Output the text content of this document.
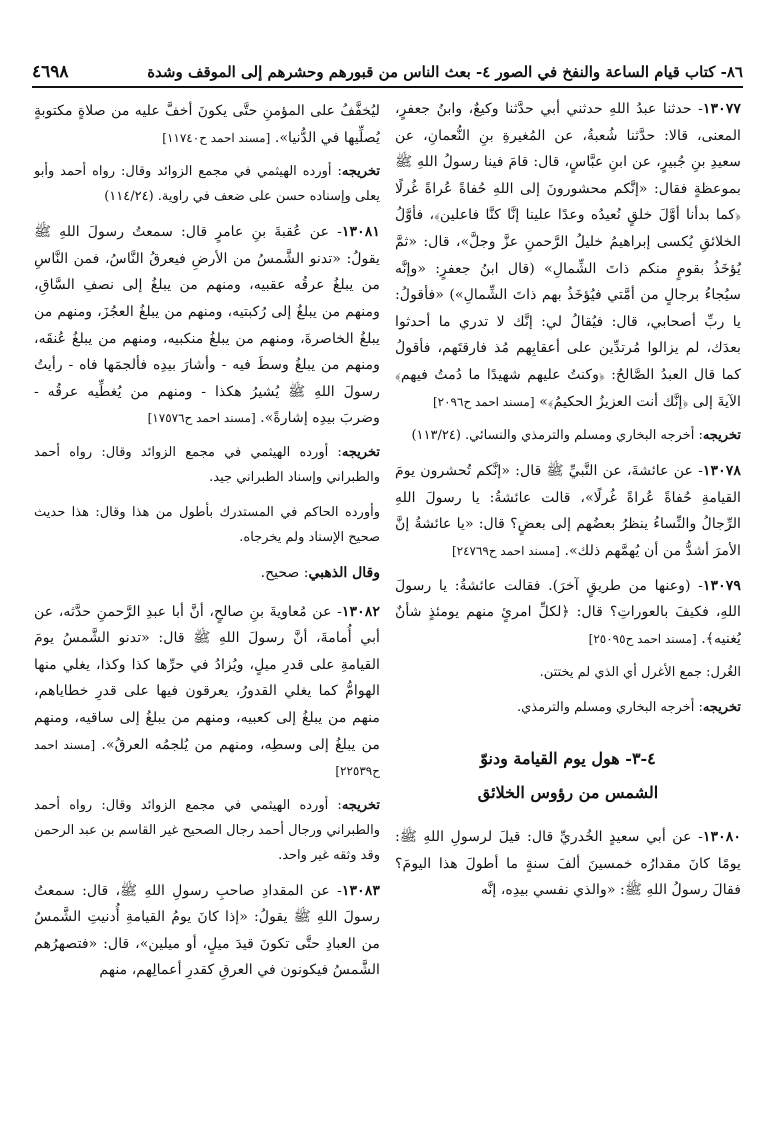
٨٦- كتاب قيام الساعة والنفخ في الصور ٤- بعث الناس من قبورهم وحشرهم إلى الموقف وشدة
٤٦٩٨

١٣٠٧٧- حدثنا عبدُ اللهِ حدثني أبي حدَّثنا وكيعٌ، وابنُ جعفرٍ، المعنى، قالا: حدَّثنا شُعبةُ، عن المُغيرةِ بنِ النُّعمانِ، عن سعيدِ بنِ جُبيرٍ، عن ابنِ عبَّاسٍ، قال: قامَ فينا رسولُ اللهِ ﷺ بموعظةٍ فقال: «إنَّكم محشورونَ إلى اللهِ حُفاةً عُراةً غُرلًا ﴿كما بدأنا أوَّلَ خلقٍ نُعيدُه وعدًا علينا إنَّا كنَّا فاعلين﴾، فأوَّلُ الخلائقِ يُكسى إبراهيمُ خليلُ الرَّحمنِ عزَّ وجلَّ»، قال: «ثمَّ يُؤخَذُ بقومٍ منكم ذاتَ الشِّمالِ» (قال ابنُ جعفرٍ: «وإنَّه سيُجاءُ برجالٍ من أمَّتي فيُؤخَذُ بهم ذاتَ الشِّمالِ») «فأقولُ: يا ربِّ أصحابي، قال: فيُقالُ لي: إنَّك لا تدري ما أحدثوا بعدَك، لم يزالوا مُرتدِّين على أعقابِهم مُذ فارقتَهم، فأقولُ كما قال العبدُ الصَّالحُ: ﴿وكنتُ عليهم شهيدًا ما دُمتُ فيهم﴾ الآيةَ إلى ﴿إنَّك أنت العزيزُ الحكيمُ﴾» [مسند احمد ح٢٠٩٦]

تخريجه: أخرجه البخاري ومسلم والترمذي والنسائي. (١١٣/٢٤)

١٣٠٧٨- عن عائشةَ، عن النَّبيِّ ﷺ قال: «إنَّكم تُحشرون يومَ القيامةِ حُفاةً عُراةً غُرلًا»، قالت عائشةُ: يا رسولَ اللهِ الرِّجالُ والنِّساءُ ينظرُ بعضُهم إلى بعضٍ؟ قال: «يا عائشةُ إنَّ الأمرَ أشدُّ من أن يُهمَّهم ذلك». [مسند احمد ح٢٤٧٦٩]

١٣٠٧٩- (وعنها من طريقٍ آخرَ). فقالت عائشةُ: يا رسولَ اللهِ، فكيفَ بالعوراتِ؟ قال: ﴿لكلِّ امرئٍ منهم يومئذٍ شأنٌ يُغنيه﴾. [مسند احمد ح٢٥٠٩٥]

الغُرل: جمع الأغرل أي الذي لم يختتن.

تخريجه: أخرجه البخاري ومسلم والترمذي.

٤-٣- هول يوم القيامة ودنوّ
الشمس من رؤوس الخلائق

١٣٠٨٠- عن أبي سعيدٍ الخُدريِّ قال: قيلَ لرسولِ اللهِ ﷺ: يومًا كانَ مقدارُه خمسينَ ألفَ سنةٍ ما أطولَ هذا اليومَ؟ فقالَ رسولُ اللهِ ﷺ: «والذي نفسي بيدِه، إنَّه

ليُخفَّفُ على المؤمنِ حتَّى يكونَ أخفَّ عليه من صلاةٍ مكتوبةٍ يُصلِّيها في الدُّنيا». [مسند احمد ح١١٧٤٠]

تخريجه: أورده الهيثمي في مجمع الزوائد وقال: رواه أحمد وأبو يعلى وإسناده حسن على ضعف في راوية. (١١٤/٢٤)

١٣٠٨١- عن عُقبةَ بنِ عامرٍ قال: سمعتُ رسولَ اللهِ ﷺ يقولُ: «تدنو الشَّمسُ من الأرضِ فيعرقُ النَّاسُ، فمن النَّاسِ من يبلغُ عرقُه عقبيه، ومنهم من يبلغُ إلى نصفِ السَّاقِ، ومنهم من يبلغُ إلى رُكبتيه، ومنهم من يبلغُ العجُزَ، ومنهم من يبلغُ الخاصرةَ، ومنهم من يبلغُ منكبيه، ومنهم من يبلغُ عُنقَه، ومنهم من يبلغُ وسطَ فيه - وأشارَ بيدِه فألجمَها فاه - رأيتُ رسولَ اللهِ ﷺ يُشيرُ هكذا - ومنهم من يُغطِّيه عرقُه - وضربَ بيدِه إشارةً». [مسند احمد ح١٧٥٧٦]

تخريجه: أورده الهيثمي في مجمع الزوائد وقال: رواه أحمد والطبراني وإسناد الطبراني جيد.

وأورده الحاكم في المستدرك بأطول من هذا وقال: هذا حديث صحيح الإسناد ولم يخرجاه.

وقال الذهبي: صحيح.

١٣٠٨٢- عن مُعاويةَ بنِ صالحٍ، أنَّ أبا عبدِ الرَّحمنِ حدَّثه، عن أبي أُمامةَ، أنَّ رسولَ اللهِ ﷺ قال: «تدنو الشَّمسُ يومَ القيامةِ على قدرِ ميلٍ، ويُزادُ في حرِّها كذا وكذا، يغلي منها الهوامُّ كما يغلي القدورُ، يعرقون فيها على قدرِ خطاياهم، منهم من يبلغُ إلى كعبيه، ومنهم من يبلغُ إلى ساقيه، ومنهم من يبلغُ إلى وسطِه، ومنهم من يُلجمُه العرقُ». [مسند احمد ح٢٢٥٣٩]

تخريجه: أورده الهيثمي في مجمع الزوائد وقال: رواه أحمد والطبراني ورجال أحمد رجال الصحيح غير القاسم بن عبد الرحمن وقد وثقه غير واحد.

١٣٠٨٣- عن المقدادِ صاحبِ رسولِ اللهِ ﷺ، قال: سمعتُ رسولَ اللهِ ﷺ يقولُ: «إذا كانَ يومُ القيامةِ أُدنيتِ الشَّمسُ من العبادِ حتَّى تكونَ قيدَ ميلٍ، أو ميلين»، قال: «فتصهرُهم الشَّمسُ فيكونون في العرقِ كقدرِ أعمالِهم، منهم
